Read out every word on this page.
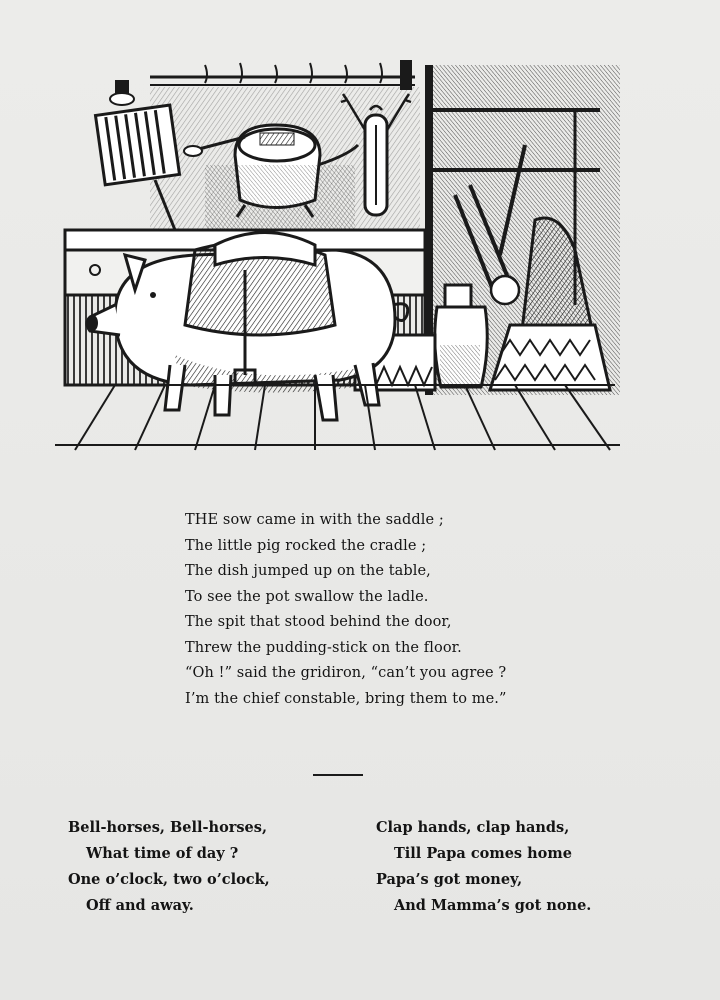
THE sow came in with the saddle ;
The little pig rocked the cradle ;
The dish jumped up on the table,
To see the pot swallow the ladle.
The spit that stood behind the door,
Threw the pudding-stick on the floor.
“Oh !” said the gridiron, “can’t you agree ?
I’m the chief constable, bring them to me.”
Bell-horses, Bell-horses,
What time of day ?
One o’clock, two o’clock,
Off and away.
Clap hands, clap hands,
Till Papa comes home
Papa’s got money,
And Mamma’s got none.
